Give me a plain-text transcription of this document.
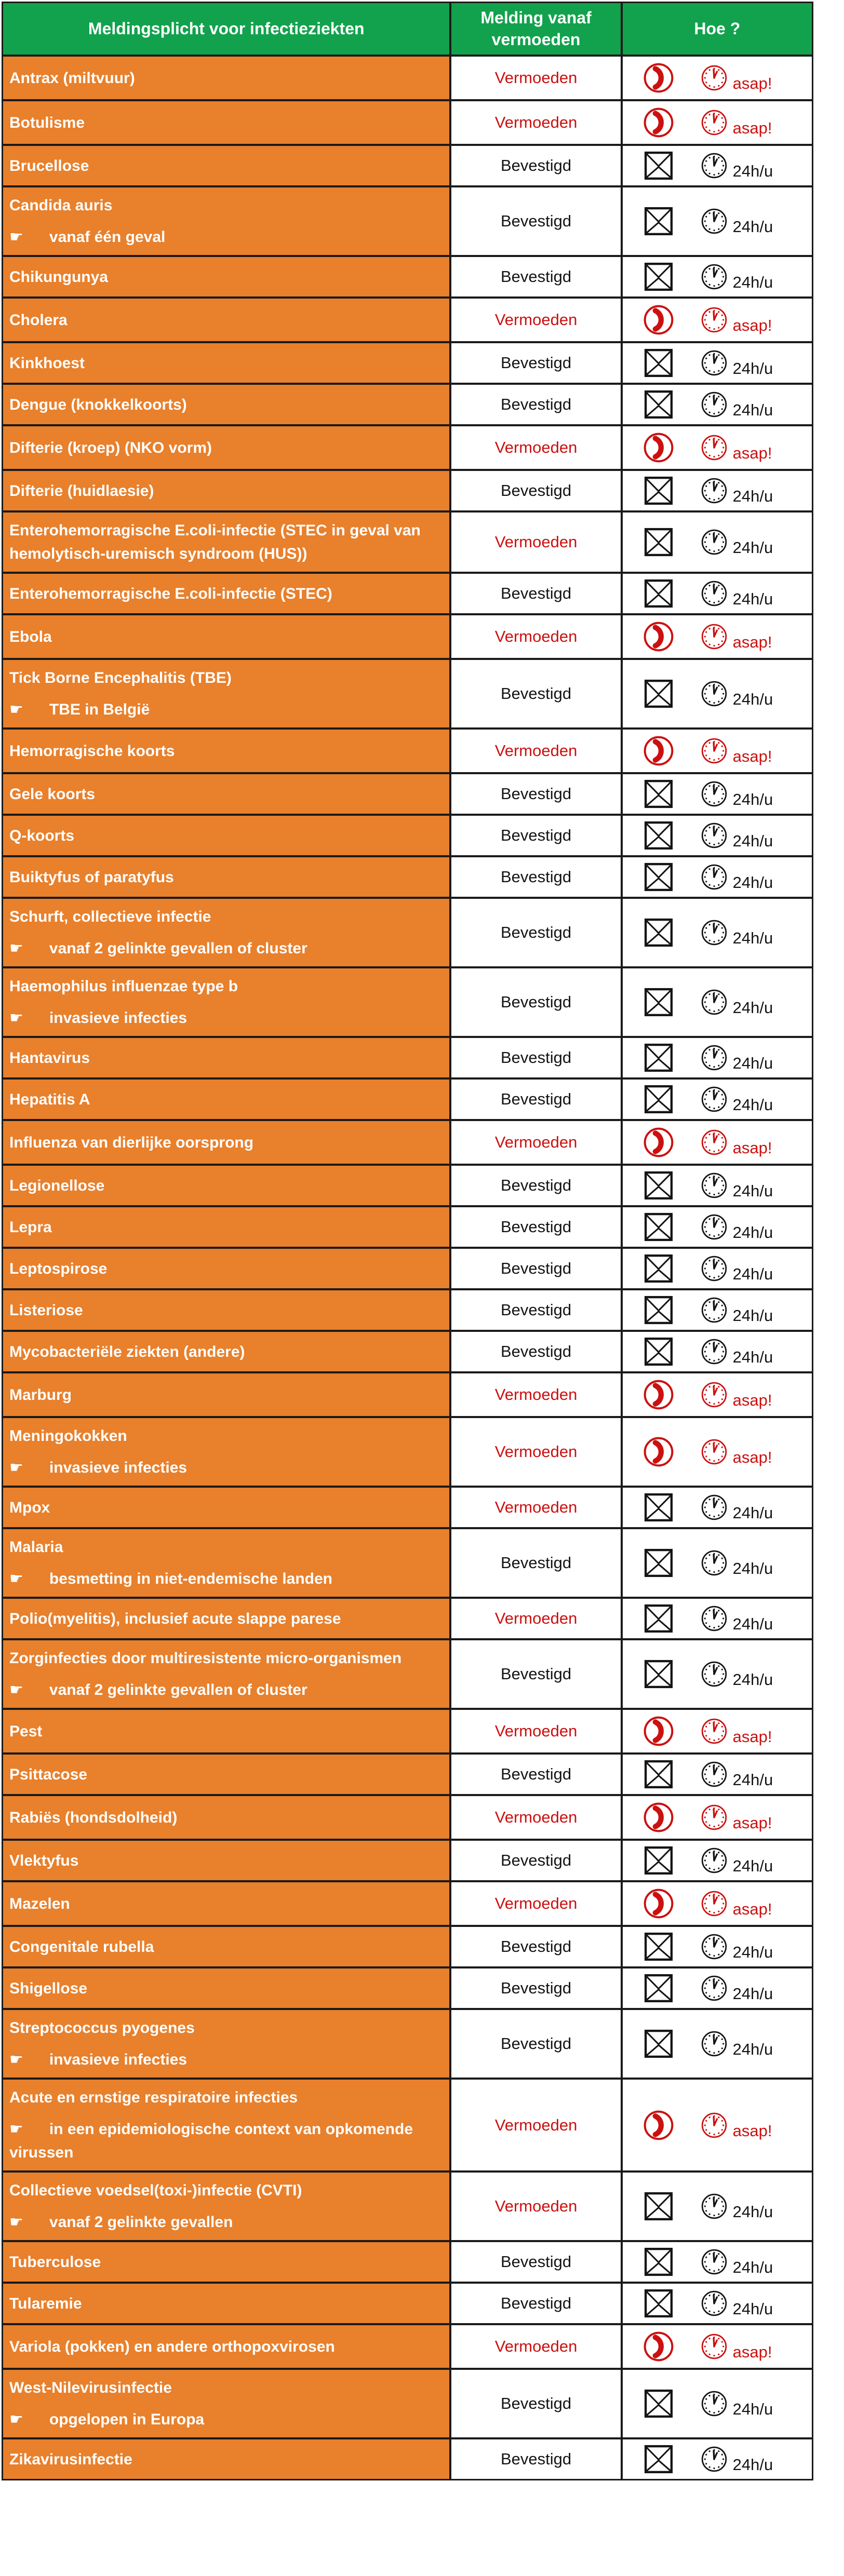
Meldingsplicht voor infectieziekten
Melding vanaf vermoeden
Hoe ?
Antrax (miltvuur)	Vermoeden	asap!
Botulisme	Vermoeden	asap!
Brucellose	Bevestigd	24h/u
Candida auris
☛ vanaf één geval
Bevestigd	24h/u
Chikungunya	Bevestigd	24h/u
Cholera	Vermoeden	asap!
Kinkhoest	Bevestigd	24h/u
Dengue (knokkelkoorts)	Bevestigd	24h/u
Difterie (kroep) (NKO vorm)	Vermoeden	asap!
Difterie (huidlaesie)	Bevestigd	24h/u
Enterohemorragische E.coli-infectie (STEC in geval van hemolytisch-uremisch syndroom (HUS))
Vermoeden	24h/u
Enterohemorragische E.coli-infectie (STEC)	Bevestigd	24h/u
Ebola	Vermoeden	asap!
Tick Borne Encephalitis (TBE)
☛ TBE in België
Bevestigd	24h/u
Hemorragische koorts	Vermoeden	asap!
Gele koorts	Bevestigd	24h/u
Q-koorts	Bevestigd	24h/u
Buiktyfus of paratyfus	Bevestigd	24h/u
Schurft, collectieve infectie
☛ vanaf 2 gelinkte gevallen of cluster
Bevestigd	24h/u
Haemophilus influenzae type b
☛ invasieve infecties
Bevestigd	24h/u
Hantavirus	Bevestigd	24h/u
Hepatitis A	Bevestigd	24h/u
Influenza van dierlijke oorsprong	Vermoeden	asap!
Legionellose	Bevestigd	24h/u
Lepra	Bevestigd	24h/u
Leptospirose	Bevestigd	24h/u
Listeriose	Bevestigd	24h/u
Mycobacteriële ziekten (andere)	Bevestigd	24h/u
Marburg	Vermoeden	asap!
Meningokokken
☛ invasieve infecties
Vermoeden	asap!
Mpox	Vermoeden	24h/u
Malaria
☛ besmetting in niet-endemische landen
Bevestigd	24h/u
Polio(myelitis), inclusief acute slappe parese	Vermoeden	24h/u
Zorginfecties door multiresistente micro-organismen
☛ vanaf 2 gelinkte gevallen of cluster
Bevestigd	24h/u
Pest	Vermoeden	asap!
Psittacose	Bevestigd	24h/u
Rabiës (hondsdolheid)	Vermoeden	asap!
Vlektyfus	Bevestigd	24h/u
Mazelen	Vermoeden	asap!
Congenitale rubella	Bevestigd	24h/u
Shigellose	Bevestigd	24h/u
Streptococcus pyogenes
☛ invasieve infecties
Bevestigd	24h/u
Acute en ernstige respiratoire infecties
☛ in een epidemiologische context van opkomende virussen
Vermoeden	asap!
Collectieve voedsel(toxi-)infectie (CVTI)
☛ vanaf 2 gelinkte gevallen
Vermoeden	24h/u
Tuberculose	Bevestigd	24h/u
Tularemie	Bevestigd	24h/u
Variola (pokken) en andere orthopoxvirosen	Vermoeden	asap!
West-Nilevirusinfectie
☛ opgelopen in Europa
Bevestigd	24h/u
Zikavirusinfectie	Bevestigd	24h/u
